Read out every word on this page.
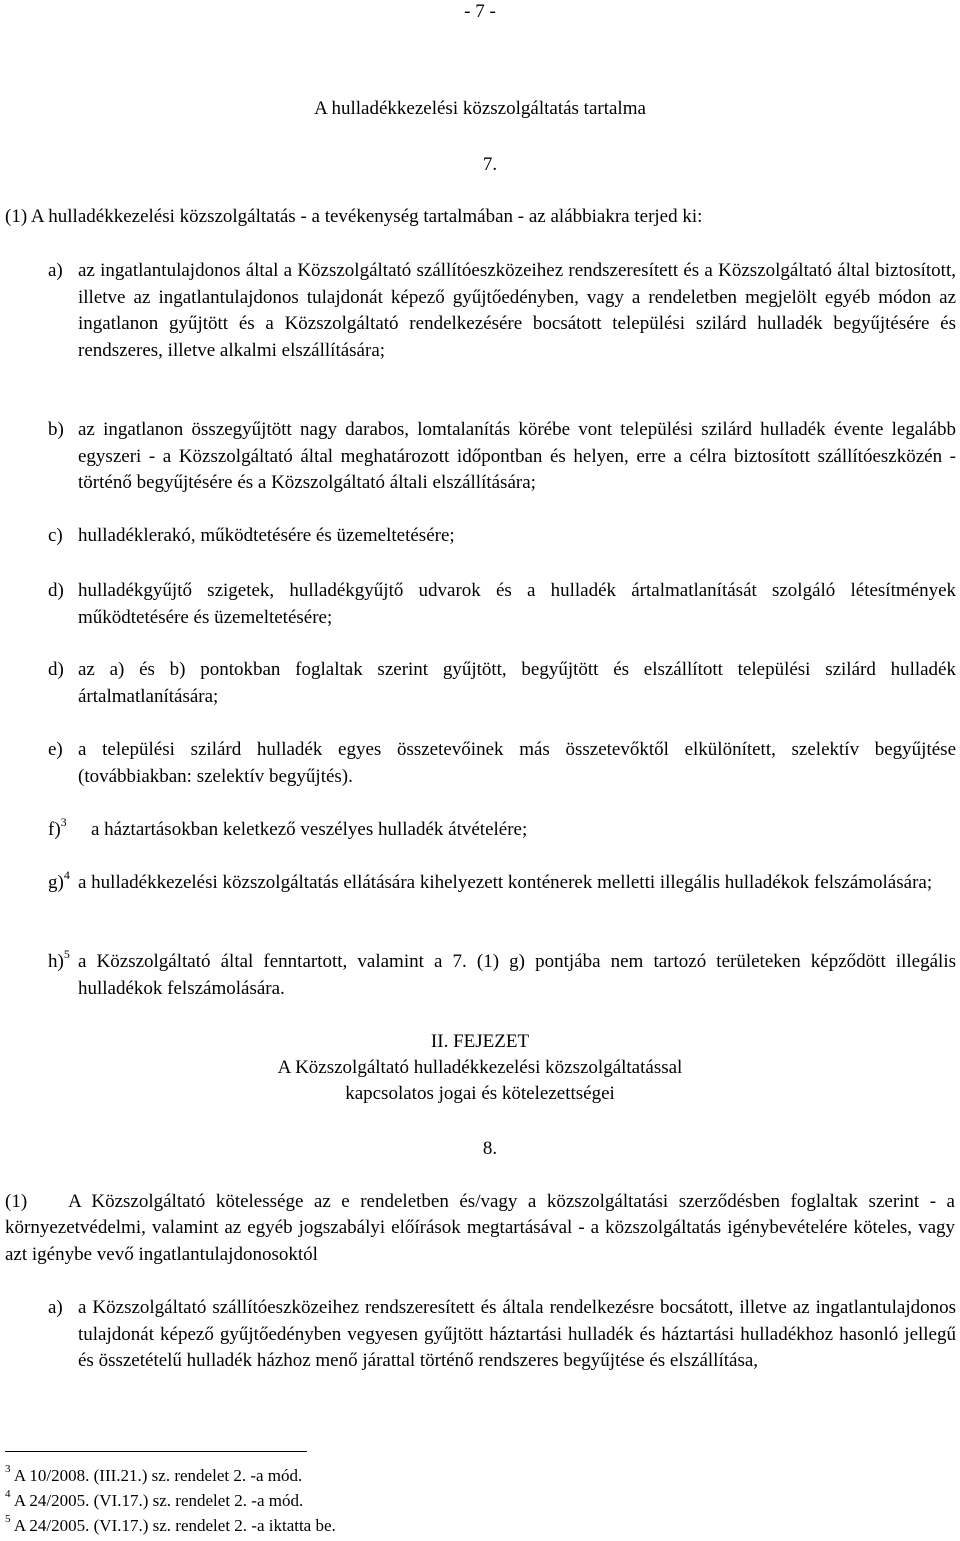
- 7 -
A hulladékkezelési közszolgáltatás tartalma
7.
(1) A hulladékkezelési közszolgáltatás - a tevékenység tartalmában - az alábbiakra terjed ki:
a) az ingatlantulajdonos által a Közszolgáltató szállítóeszközeihez rendszeresített és a Közszolgáltató által biztosított, illetve az ingatlantulajdonos tulajdonát képező gyűjtőedényben, vagy a rendeletben megjelölt egyéb módon az ingatlanon gyűjtött és a Közszolgáltató rendelkezésére bocsátott települési szilárd hulladék begyűjtésére és rendszeres, illetve alkalmi elszállítására;
b) az ingatlanon összegyűjtött nagy darabos, lomtalanítás körébe vont települési szilárd hulladék évente legalább egyszeri - a Közszolgáltató által meghatározott időpontban és helyen, erre a célra biztosított szállítóeszközén - történő begyűjtésére és a Közszolgáltató általi elszállítására;
c) hulladéklerakó, működtetésére és üzemeltetésére;
d) hulladékgyűjtő szigetek, hulladékgyűjtő udvarok és a hulladék ártalmatlanítását szolgáló létesítmények működtetésére és üzemeltetésére;
d) az a) és b) pontokban foglaltak szerint gyűjtött, begyűjtött és elszállított települési szilárd hulladék ártalmatlanítására;
e) a települési szilárd hulladék egyes összetevőinek más összetevőktől elkülönített, szelektív begyűjtése (továbbiakban: szelektív begyűjtés).
f)$^3$ a háztartásokban keletkező veszélyes hulladék átvételére;
g)$^4$ a hulladékkezelési közszolgáltatás ellátására kihelyezett konténerek melletti illegális hulladékok felszámolására;
h)$^5$ a Közszolgáltató által fenntartott, valamint a 7. (1) g) pontjába nem tartozó területeken képződött illegális hulladékok felszámolására.
II. FEJEZET
A Közszolgáltató hulladékkezelési közszolgáltatással
kapcsolatos jogai és kötelezettségei
8.
(1)    A Közszolgáltató kötelessége az e rendeletben és/vagy a közszolgáltatási szerződésben foglaltak szerint - a környezetvédelmi, valamint az egyéb jogszabályi előírások megtartásával - a közszolgáltatás igénybevételére köteles, vagy azt igénybe vevő ingatlantulajdonosoktól
a) a Közszolgáltató szállítóeszközeihez rendszeresített és általa rendelkezésre bocsátott, illetve az ingatlantulajdonos tulajdonát képező gyűjtőedényben vegyesen gyűjtött háztartási hulladék és háztartási hulladékhoz hasonló jellegű és összetételű hulladék házhoz menő járattal történő rendszeres begyűjtése és elszállítása,
$^3$ A 10/2008. (III.21.) sz. rendelet 2. -a mód.
$^4$ A 24/2005. (VI.17.) sz. rendelet 2. -a mód.
$^5$ A 24/2005. (VI.17.) sz. rendelet 2. -a iktatta be.
